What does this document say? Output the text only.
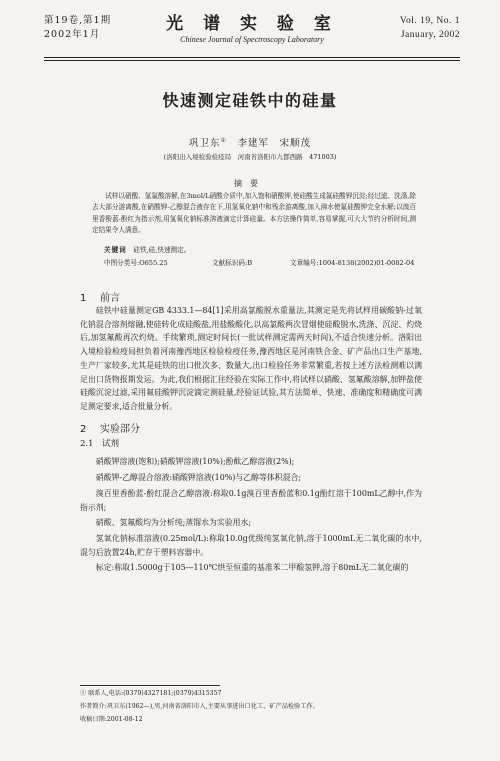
第19卷,第1期
2002年1月
光 谱 实 验 室
Chinese Journal of Spectroscopy Laboratory
Vol. 19, No. 1
January, 2002
快速测定硅铁中的硅量
巩卫东①　 李建军　宋顺茂
(洛阳出入境检验检疫局　河南省洛阳市九都西路　471003)
摘要
试样以硝酸、氢氟酸溶解,在3mol/L硝酸介质中,加入饱和硝酸钾,使硅酸生成氟硅酸钾沉淀;经过滤、洗涤,除去大部分游离酸,在硝酸钾-乙醇混合液存在下,用氢氧化钠中和残余游离酸,加入沸水使氟硅酸钾完全水解;以溴百里香酚蓝-酚红为指示剂,用氢氧化钠标准溶液滴定计算硅量。本方法操作简单,容易掌握,可大大节约分析时间,测定结果令人满意。
关键词　 硅铁,硅,快速测定。
中图分类号:O655.25	文献标识码:B	文章编号:1004-8138(2002)01-0082-04
1 前言
硅铁中硅量测定GB 4333.1—84[1]采用高氯酸脱水重量法,其测定是先将试样用碳酸钠-过氧化钠混合溶剂熔融,使硅转化成硅酸盐,用盐酸酸化,以高氯酸两次冒烟使硅酸脱水,洗涤、沉淀、灼烧后,加氢氟酸再次灼烧。手续繁琐,测定时间长(一批试样测定需两天时间),不适合快速分析。洛阳出入境检验检疫局担负着河南豫西地区检验检疫任务,豫西地区是河南铁合金、矿产品出口生产基地,生产厂家较多,尤其是硅铁的出口批次多、数量大,出口检验任务非常繁重,若按上述方法检测难以满足出口货物报期发运。为此,我们根据汇往经验在实际工作中,将试样以硝酸、氢氟酸溶解,加钾盐使硅酸沉淀过滤,采用氟硅酸钾沉淀滴定测硅量,经验证试验,其方法简单、快速、准确度和精确度可满足测定要求,适合批量分析。
2 实验部分
2.1　试剂
硝酸钾溶液(饱和);硝酸钾溶液(10%);酚酞乙醇溶液(2%);
硝酸钾-乙醇混合溶液:硝酸钾溶液(10%)与乙醇等体积混合;
溴百里香酚蓝-酚红混合乙醇溶液:称取0.1g溴百里香酚蓝和0.1g酚红溶于100mL乙醇中,作为指示剂;
硝酸、氢氟酸均为分析纯;蒸馏水为实验用水;
氢氧化钠标准溶液(0.25mol/L):称取10.0g优级纯氢氧化钠,溶于1000mL无二氧化碳的水中,混匀后放置24h,贮存于塑料容器中。
标定:称取1.5000g于105—110℃烘至恒重的基准苯二甲酸氢钾,溶于80mL无二氧化碳的
① 联系人,电话:(0379)4327181;(0379)4315357
作者简介:巩卫东(1962—),男,河南省洛阳市人,主要从事进出口化工、矿产品检验工作。
收稿日期:2001-08-12
